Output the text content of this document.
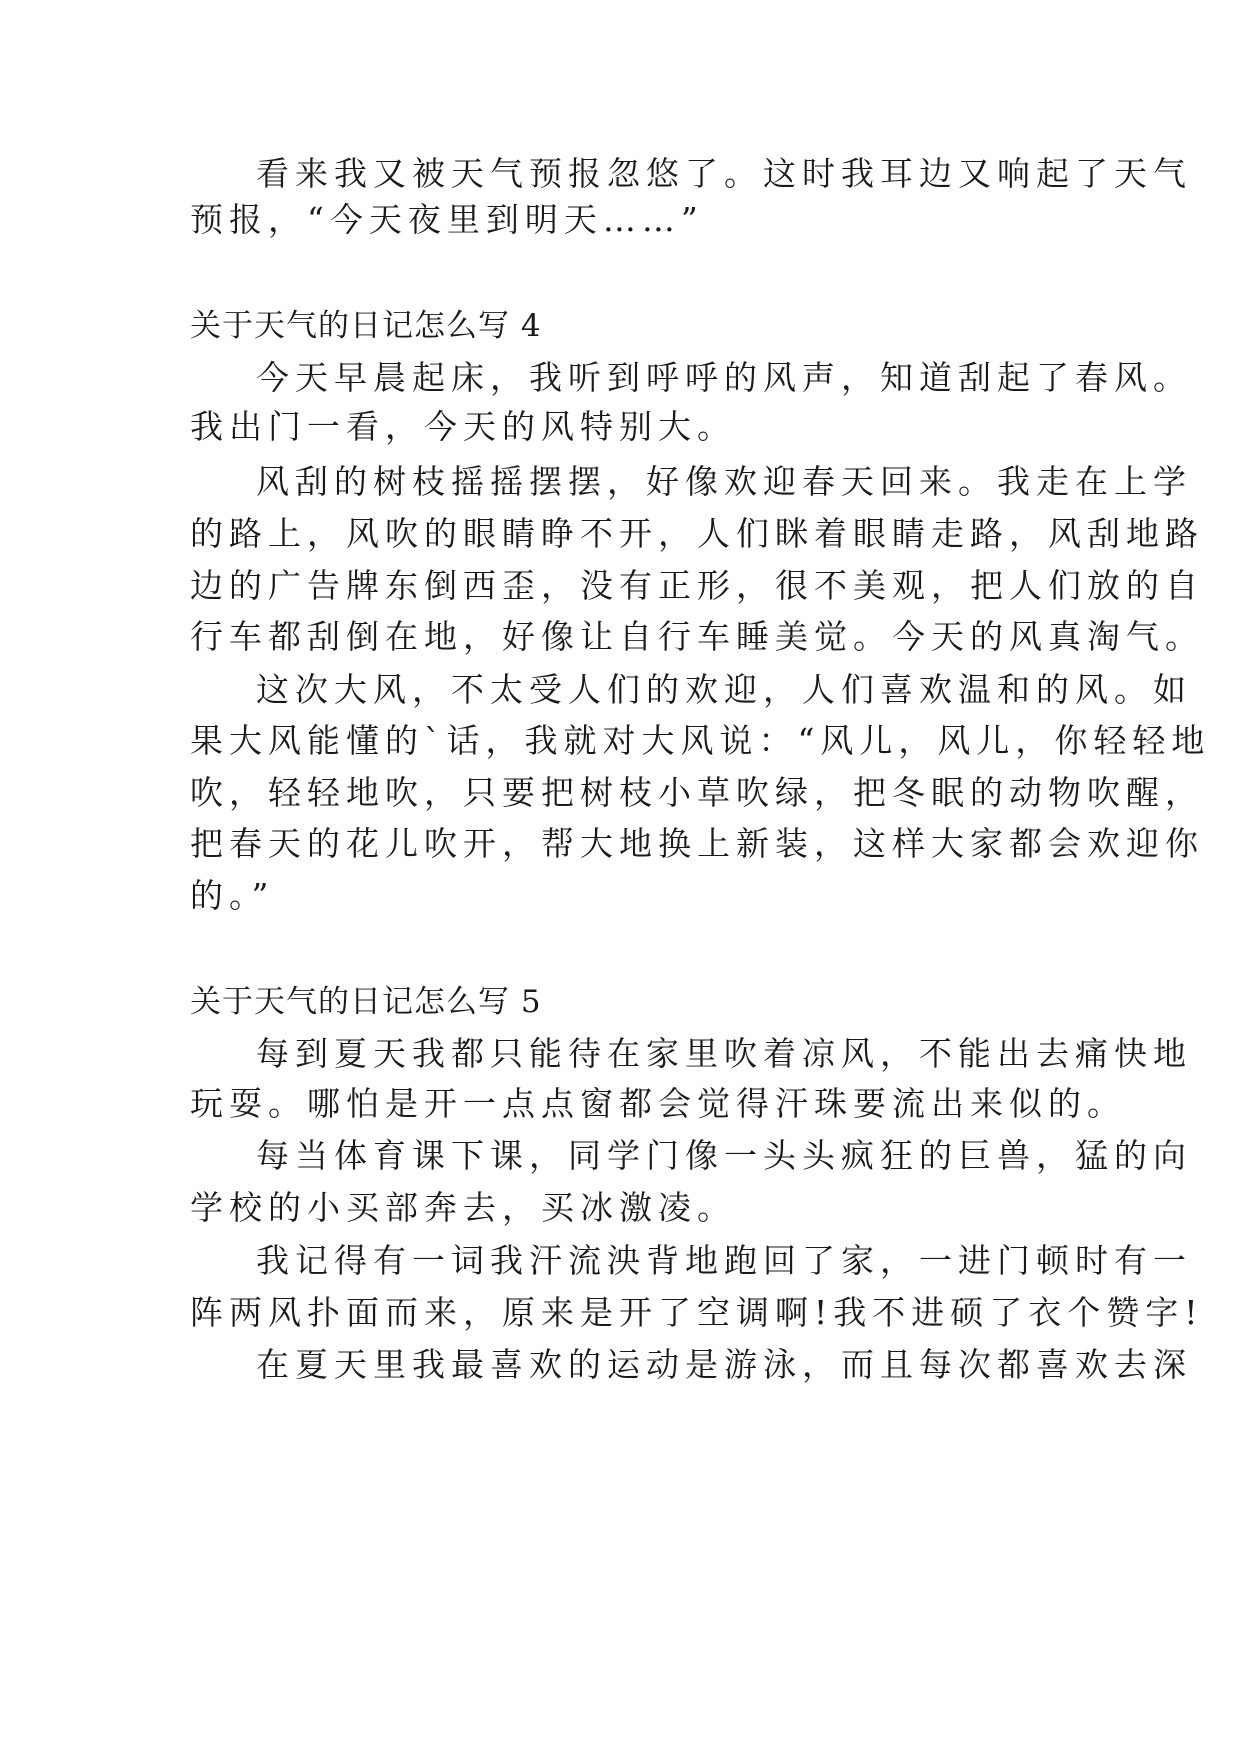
看来我又被天气预报忽悠了。这时我耳边又响起了天气
预报，“今天夜里到明天……”
关于天气的日记怎么写 4
今天早晨起床，我听到呼呼的风声，知道刮起了春风。
我出门一看，今天的风特别大。
风刮的树枝摇摇摆摆，好像欢迎春天回来。我走在上学
的路上，风吹的眼睛睁不开，人们眯着眼睛走路，风刮地路
边的广告牌东倒西歪，没有正形，很不美观，把人们放的自
行车都刮倒在地，好像让自行车睡美觉。今天的风真淘气。
这次大风，不太受人们的欢迎，人们喜欢温和的风。如
果大风能懂的`话，我就对大风说：“风儿，风儿，你轻轻地
吹，轻轻地吹，只要把树枝小草吹绿，把冬眠的动物吹醒，
把春天的花儿吹开，帮大地换上新装，这样大家都会欢迎你
的。”
关于天气的日记怎么写 5
每到夏天我都只能待在家里吹着凉风，不能出去痛快地
玩耍。哪怕是开一点点窗都会觉得汗珠要流出来似的。
每当体育课下课，同学门像一头头疯狂的巨兽，猛的向
学校的小买部奔去，买冰激凌。
我记得有一词我汗流泱背地跑回了家，一进门顿时有一
阵两风扑面而来，原来是开了空调啊!我不进硕了衣个赞字!
在夏天里我最喜欢的运动是游泳，而且每次都喜欢去深
